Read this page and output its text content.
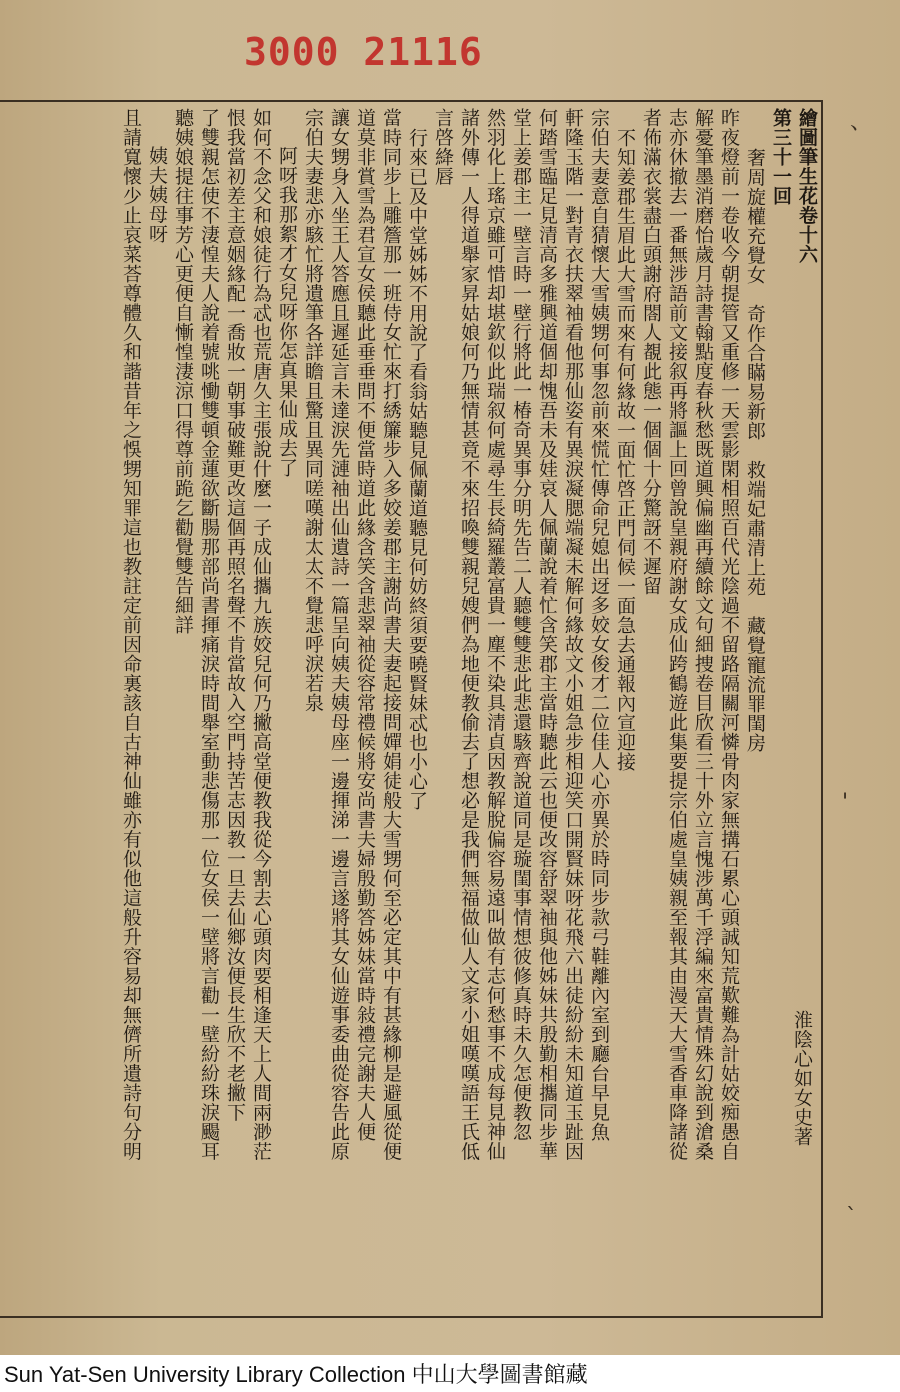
3000 21116
繪圖筆生花卷十六
第三十一回
奢周旋權充覺女　奇作合瞞易新郎　救端妃肅清上苑　藏覺寵流罪閨房
昨夜燈前一卷收今朝提管又重修一天雲影閑相照百代光陰過不留路隔關河憐骨肉家無搆石累心頭誠知荒歎難為計姑姣痴愚自
解憂筆墨消磨怡歲月詩書翰點度春秋愁既道興偏幽再續餘文句細捜卷目欣看三十外立言愧涉萬千浮編來富貴情殊幻說到滄桑
志亦休撤去一番無涉語前文接叙再將謳上回曾說皇親府謝女成仙跨鶴遊此集要提宗伯處皇姨親至報其由漫天大雪香車降諸從
者佈滿衣裳盡白頭謝府閤人覩此態一個個十分驚訝不遲留
不知姜郡生眉此大雪而來有何緣故一面忙啓正門伺候一面急去通報內宣迎接
宗伯夫妻意自猜懷大雪姨甥何事忽前來慌忙傳命兒媳出迓多姣女俊才二位佳人心亦異於時同步款弓鞋離內室到廳台早見魚
軒隆玉階一對青衣扶翠袖看他那仙姿有異淚凝腮端凝未解何緣故文小姐急步相迎笑口開賢妹呀花飛六出徒紛紛未知道玉趾因
何踏雪臨足見清高多雅興道個却愧吾未及娃哀人佩蘭說着忙含笑郡主當時聽此云也便改容舒翠袖與他姊妹共殷勤相攜同步華
堂上姜郡主一壁言時一壁行將此一椿奇異事分明先告二人聽雙雙悲此悲還駭齊說道同是璇閨事情想彼修真時未久怎便教忽
然羽化上瑤京雖可惜却堪欽似此瑞叙何處尋生長綺羅叢富貴一塵不染具清貞因教解脫偏容易遠叫做有志何愁事不成每見神仙
諸外傳一人得道舉家昇姑娘何乃無情甚竟不來招喚雙親兒嫂們為地便教偷去了想必是我們無福做仙人文家小姐嘆嘆語王氏低
言啓絳唇
行來已及中堂姊姊不用說了看翁姑聽見佩蘭道聽見何妨終須要曉賢妹忒也小心了
當時同步上雕簷那一班侍女忙來打綉簾步入多姣姜郡主謝尚書夫妻起接問嬋娟徒般大雪甥何至必定其中有甚緣柳是避風從便
道莫非賞雪為君宣女侯聽此垂垂問不便當時道此緣含笑含悲翠袖從容常禮候將安尚書夫婦殷勤答姊妹當時敍禮完謝夫人便
讓女甥身入坐王人答應且遲延言未達淚先漣袖出仙遺詩一篇呈向姨夫姨母座一邊揮涕一邊言遂將其女仙遊事委曲從容告此原
宗伯夫妻悲亦駭忙將遺筆各詳瞻且驚且異同嗟嘆謝太太不覺悲呼淚若泉
阿呀我那絮才女兒呀你怎真果仙成去了
如何不念父和娘徒行為忒也荒唐久主張說什麼一子成仙攜九族姣兒何乃撇高堂便教我從今割去心頭肉要相逢天上人間兩渺茫
恨我當初差主意姻緣配一喬妝一朝事破難更改這個再照名聲不肯當故入空門持苦志因教一旦去仙鄉汝便長生欣不老撇下
了雙親怎使不淒惶夫人說着號咷慟雙頓金蓮欲斷腸那部尚書揮痛淚時間舉室動悲傷那一位女侯一壁將言勸一壁紛紛珠淚颺耳
聽姨娘提往事芳心更便自慚惶淒涼口得尊前跪乞勸覺雙告細詳
姨夫姨母呀
且請寬懷少止哀菜荅尊體久和諧昔年之悞甥知罪這也教註定前因命裏該自古神仙雖亦有似他這般升容易却無儕所遺詩句分明	淮陰心如女史著
、
'
`
Sun Yat-Sen University Library Collection 中山大學圖書館藏
